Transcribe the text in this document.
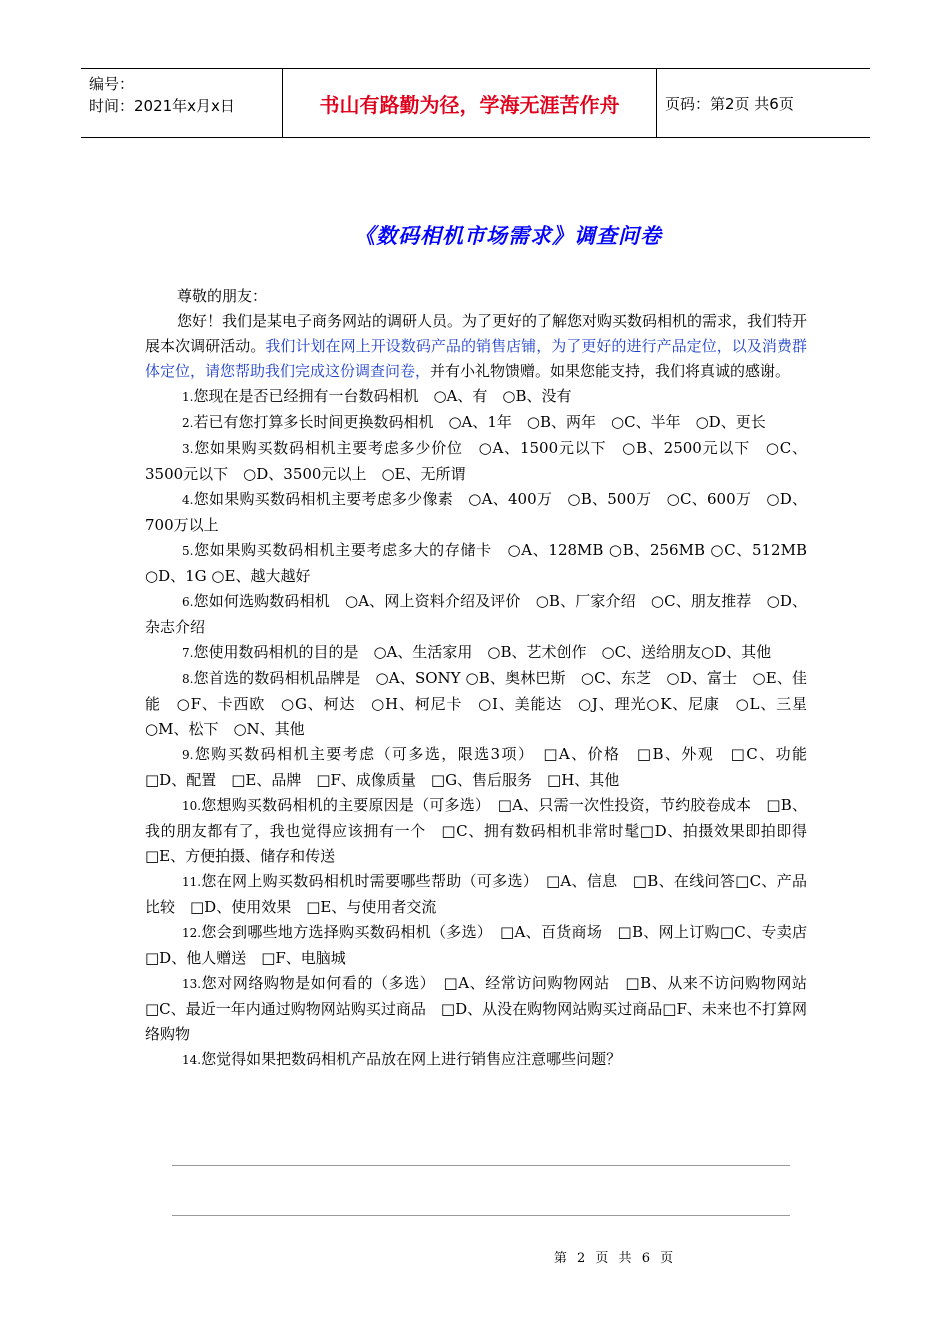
编号：
时间：2021年x月x日	书山有路勤为径，学海无涯苦作舟	页码：第2页 共6页
《数码相机市场需求》调查问卷

尊敬的朋友：

您好！我们是某电子商务网站的调研人员。为了更好的了解您对购买数码相机的需求，我们特开展本次调研活动。我们计划在网上开设数码产品的销售店铺，为了更好的进行产品定位，以及消费群体定位，请您帮助我们完成这份调查问卷，并有小礼物馈赠。如果您能支持，我们将真诚的感谢。

1.您现在是否已经拥有一台数码相机　○A、有　○B、没有

2.若已有您打算多长时间更换数码相机　○A、1年　○B、两年　○C、半年　○D、更长

3.您如果购买数码相机主要考虑多少价位　○A、1500元以下　○B、2500元以下　○C、3500元以下　○D、3500元以上　○E、无所谓

4.您如果购买数码相机主要考虑多少像素　○A、400万　○B、500万　○C、600万　○D、700万以上

5.您如果购买数码相机主要考虑多大的存储卡　○A、128MB ○B、256MB ○C、512MB ○D、1G ○E、越大越好

6.您如何选购数码相机　○A、网上资料介绍及评价　○B、厂家介绍　○C、朋友推荐　○D、杂志介绍

7.您使用数码相机的目的是　○A、生活家用　○B、艺术创作　○C、送给朋友○D、其他

8.您首选的数码相机品牌是　○A、SONY ○B、奥林巴斯　○C、东芝　○D、富士　○E、佳能　○F、卡西欧　○G、柯达　○H、柯尼卡　○I、美能达　○J、理光○K、尼康　○L、三星　○M、松下　○N、其他

9.您购买数码相机主要考虑（可多选，限选3项）　□A、价格　□B、外观　□C、功能　□D、配置　□E、品牌　□F、成像质量　□G、售后服务　□H、其他

10.您想购买数码相机的主要原因是（可多选）　□A、只需一次性投资，节约胶卷成本　□B、我的朋友都有了，我也觉得应该拥有一个　□C、拥有数码相机非常时髦□D、拍摄效果即拍即得　□E、方便拍摄、储存和传送

11.您在网上购买数码相机时需要哪些帮助（可多选）　□A、信息　□B、在线问答□C、产品比较　□D、使用效果　□E、与使用者交流

12.您会到哪些地方选择购买数码相机（多选）　□A、百货商场　□B、网上订购□C、专卖店　□D、他人赠送　□F、电脑城

13.您对网络购物是如何看的（多选）　□A、经常访问购物网站　□B、从来不访问购物网站　□C、最近一年内通过购物网站购买过商品　□D、从没在购物网站购买过商品□F、未来也不打算网络购物

14.您觉得如果把数码相机产品放在网上进行销售应注意哪些问题？

第 2 页 共 6 页
